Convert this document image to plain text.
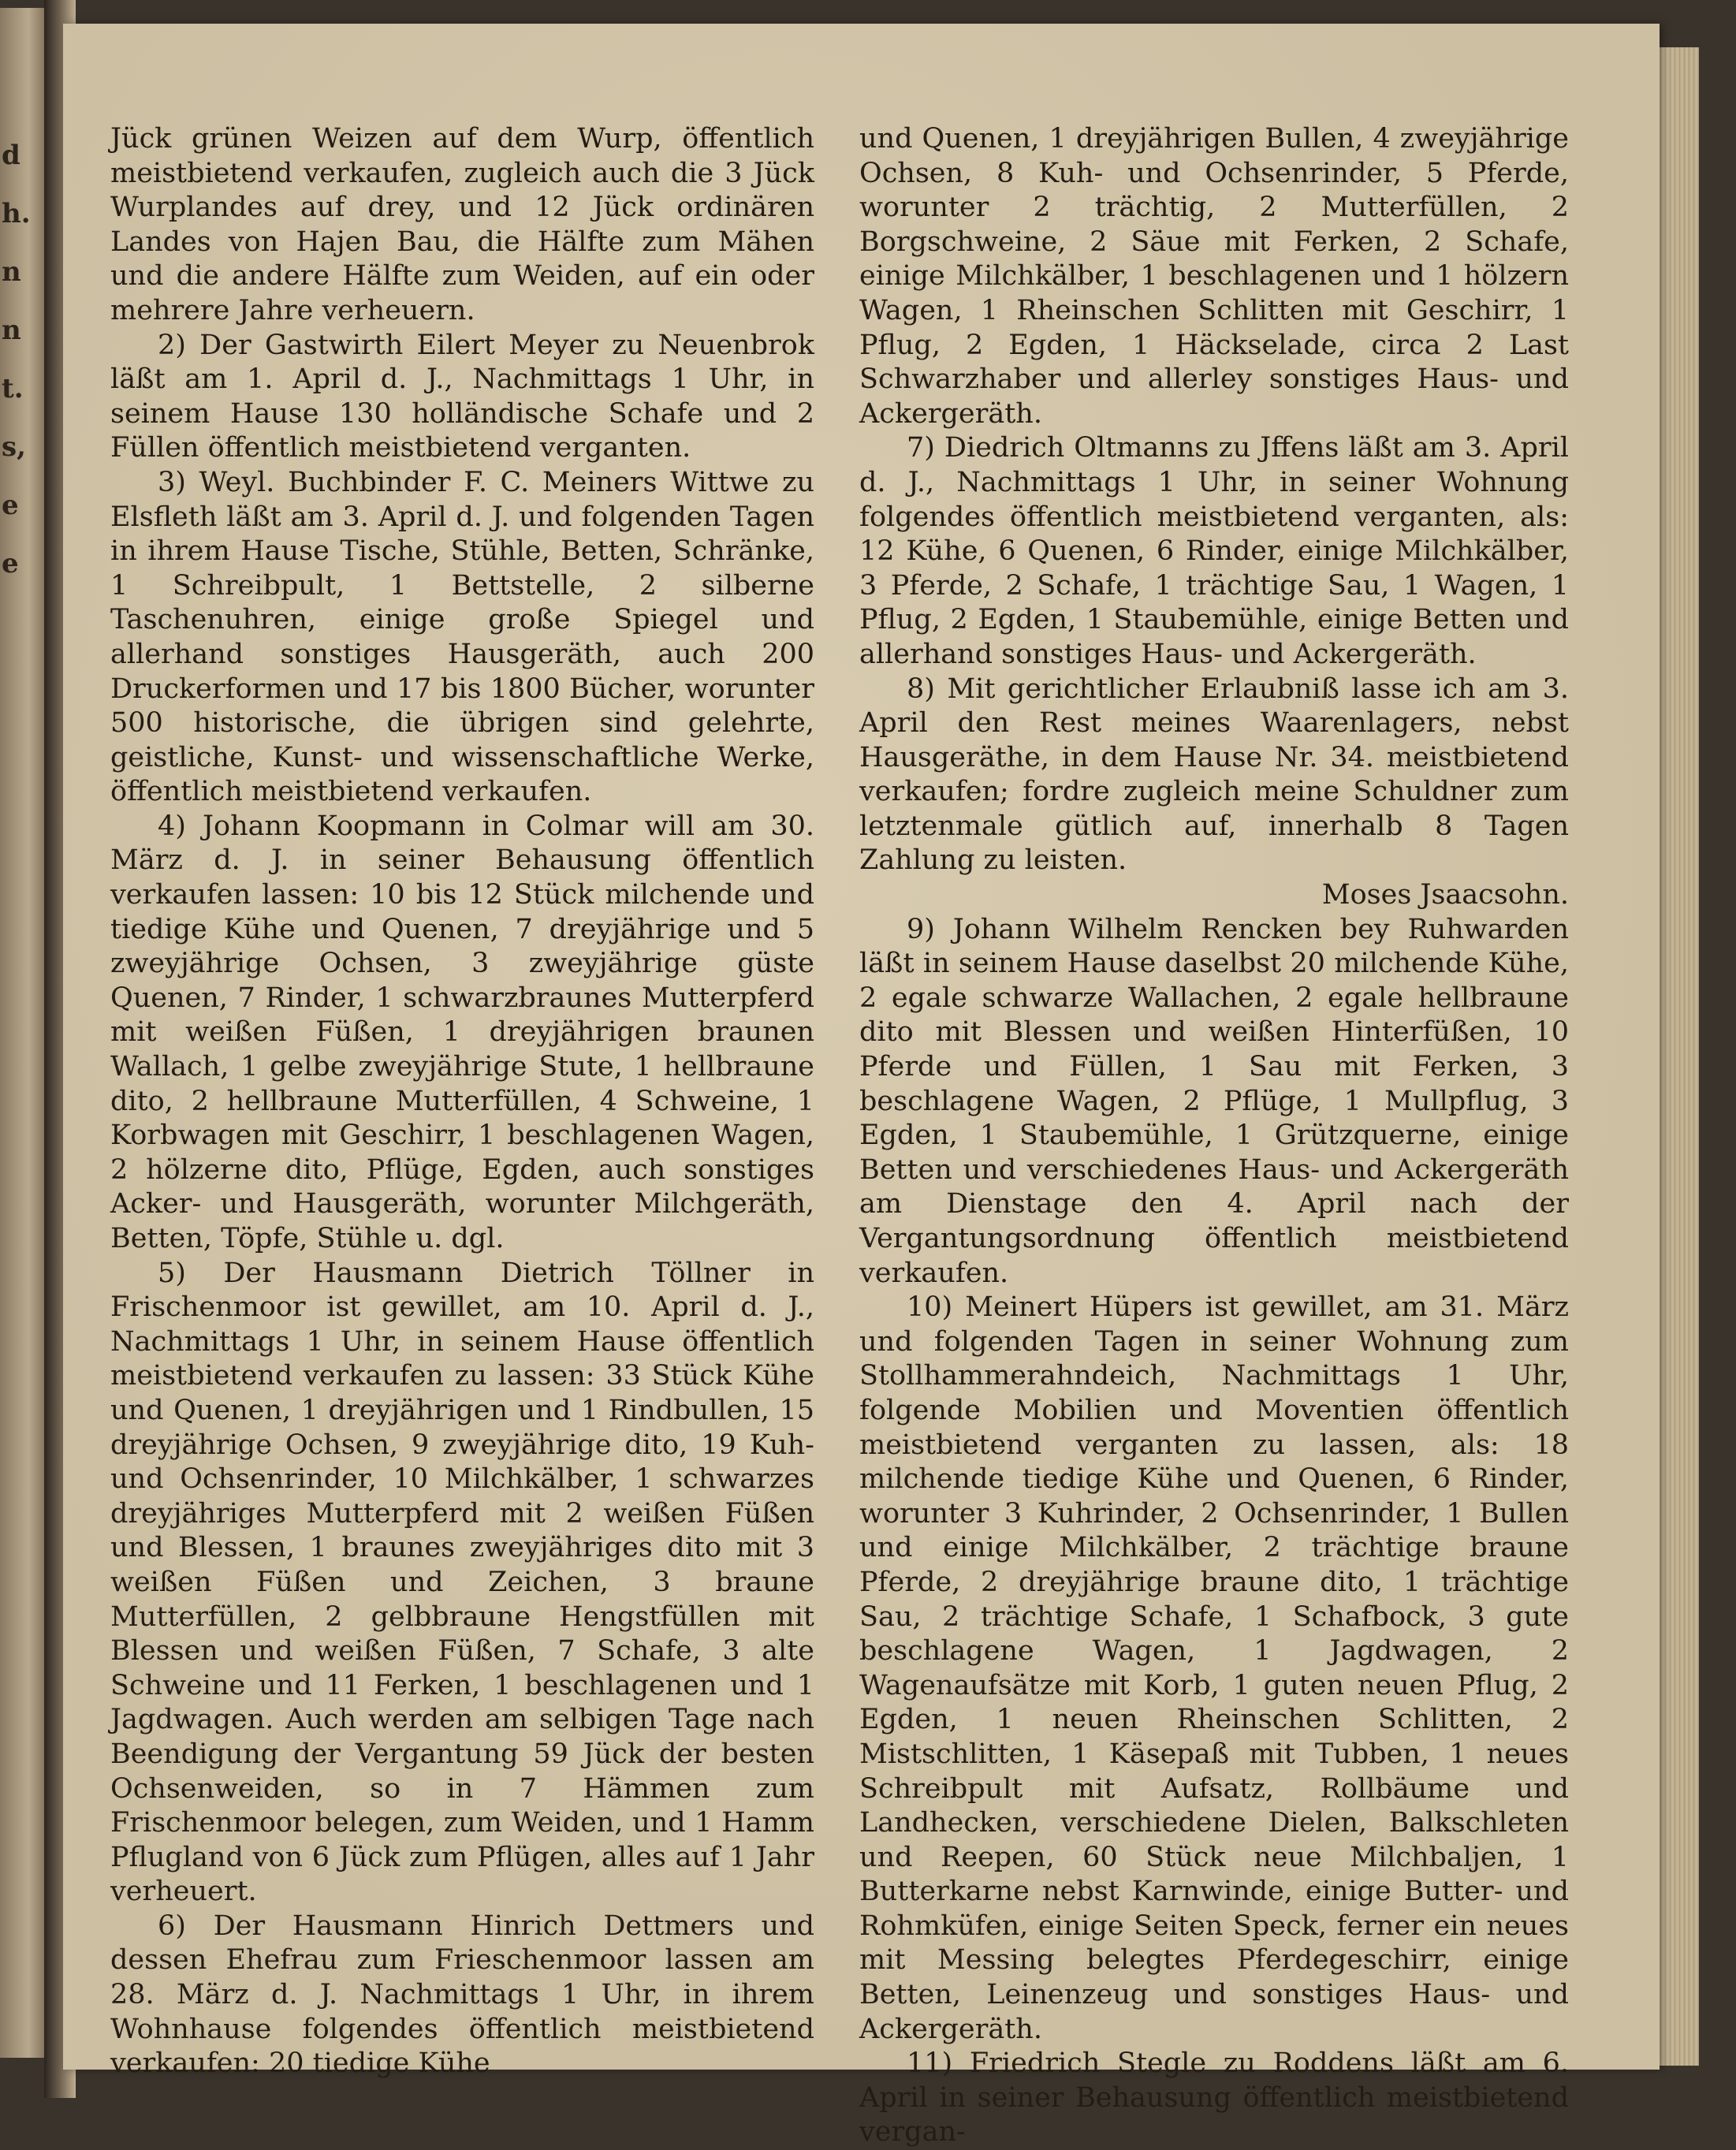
d
h.
n
n
t.
s,
e
e

Jück grünen Weizen auf dem Wurp, öffentlich meistbietend verkaufen, zugleich auch die 3 Jück Wurplandes auf drey, und 12 Jück ordinären Landes von Hajen Bau, die Hälfte zum Mähen und die andere Hälfte zum Weiden, auf ein oder mehrere Jahre verheuern.

2) Der Gastwirth Eilert Meyer zu Neuenbrok läßt am 1. April d. J., Nachmittags 1 Uhr, in seinem Hause 130 holländische Schafe und 2 Füllen öffentlich meistbietend verganten.

3) Weyl. Buchbinder F. C. Meiners Wittwe zu Elsfleth läßt am 3. April d. J. und folgenden Tagen in ihrem Hause Tische, Stühle, Betten, Schränke, 1 Schreibpult, 1 Bettstelle, 2 silberne Taschenuhren, einige große Spiegel und allerhand sonstiges Hausgeräth, auch 200 Druckerformen und 17 bis 1800 Bücher, worunter 500 historische, die übrigen sind gelehrte, geistliche, Kunst- und wissenschaftliche Werke, öffentlich meistbietend verkaufen.

4) Johann Koopmann in Colmar will am 30. März d. J. in seiner Behausung öffentlich verkaufen lassen: 10 bis 12 Stück milchende und tiedige Kühe und Quenen, 7 dreyjährige und 5 zweyjährige Ochsen, 3 zweyjährige güste Quenen, 7 Rinder, 1 schwarzbraunes Mutterpferd mit weißen Füßen, 1 dreyjährigen braunen Wallach, 1 gelbe zweyjährige Stute, 1 hellbraune dito, 2 hellbraune Mutterfüllen, 4 Schweine, 1 Korbwagen mit Geschirr, 1 beschlagenen Wagen, 2 hölzerne dito, Pflüge, Egden, auch sonstiges Acker- und Hausgeräth, worunter Milchgeräth, Betten, Töpfe, Stühle u. dgl.

5) Der Hausmann Dietrich Töllner in Frischenmoor ist gewillet, am 10. April d. J., Nachmittags 1 Uhr, in seinem Hause öffentlich meistbietend verkaufen zu lassen: 33 Stück Kühe und Quenen, 1 dreyjährigen und 1 Rindbullen, 15 dreyjährige Ochsen, 9 zweyjährige dito, 19 Kuh- und Ochsenrinder, 10 Milchkälber, 1 schwarzes dreyjähriges Mutterpferd mit 2 weißen Füßen und Blessen, 1 braunes zweyjähriges dito mit 3 weißen Füßen und Zeichen, 3 braune Mutterfüllen, 2 gelbbraune Hengstfüllen mit Blessen und weißen Füßen, 7 Schafe, 3 alte Schweine und 11 Ferken, 1 beschlagenen und 1 Jagdwagen. Auch werden am selbigen Tage nach Beendigung der Vergantung 59 Jück der besten Ochsenweiden, so in 7 Hämmen zum Frischenmoor belegen, zum Weiden, und 1 Hamm Pflugland von 6 Jück zum Pflügen, alles auf 1 Jahr verheuert.

6) Der Hausmann Hinrich Dettmers und dessen Ehefrau zum Frieschenmoor lassen am 28. März d. J. Nachmittags 1 Uhr, in ihrem Wohnhause folgendes öffentlich meistbietend verkaufen: 20 tiedige Kühe

und Quenen, 1 dreyjährigen Bullen, 4 zweyjährige Ochsen, 8 Kuh- und Ochsenrinder, 5 Pferde, worunter 2 trächtig, 2 Mutterfüllen, 2 Borgschweine, 2 Säue mit Ferken, 2 Schafe, einige Milchkälber, 1 beschlagenen und 1 hölzern Wagen, 1 Rheinschen Schlitten mit Geschirr, 1 Pflug, 2 Egden, 1 Häckselade, circa 2 Last Schwarzhaber und allerley sonstiges Haus- und Ackergeräth.

7) Diedrich Oltmanns zu Jffens läßt am 3. April d. J., Nachmittags 1 Uhr, in seiner Wohnung folgendes öffentlich meistbietend verganten, als: 12 Kühe, 6 Quenen, 6 Rinder, einige Milchkälber, 3 Pferde, 2 Schafe, 1 trächtige Sau, 1 Wagen, 1 Pflug, 2 Egden, 1 Staubemühle, einige Betten und allerhand sonstiges Haus- und Ackergeräth.

8) Mit gerichtlicher Erlaubniß lasse ich am 3. April den Rest meines Waarenlagers, nebst Hausgeräthe, in dem Hause Nr. 34. meistbietend verkaufen; fordre zugleich meine Schuldner zum letztenmale gütlich auf, innerhalb 8 Tagen Zahlung zu leisten.

Moses Jsaacsohn.

9) Johann Wilhelm Rencken bey Ruhwarden läßt in seinem Hause daselbst 20 milchende Kühe, 2 egale schwarze Wallachen, 2 egale hellbraune dito mit Blessen und weißen Hinterfüßen, 10 Pferde und Füllen, 1 Sau mit Ferken, 3 beschlagene Wagen, 2 Pflüge, 1 Mullpflug, 3 Egden, 1 Staubemühle, 1 Grützquerne, einige Betten und verschiedenes Haus- und Ackergeräth am Dienstage den 4. April nach der Vergantungsordnung öffentlich meistbietend verkaufen.

10) Meinert Hüpers ist gewillet, am 31. März und folgenden Tagen in seiner Wohnung zum Stollhammerahndeich, Nachmittags 1 Uhr, folgende Mobilien und Moventien öffentlich meistbietend verganten zu lassen, als: 18 milchende tiedige Kühe und Quenen, 6 Rinder, worunter 3 Kuhrinder, 2 Ochsenrinder, 1 Bullen und einige Milchkälber, 2 trächtige braune Pferde, 2 dreyjährige braune dito, 1 trächtige Sau, 2 trächtige Schafe, 1 Schafbock, 3 gute beschlagene Wagen, 1 Jagdwagen, 2 Wagenaufsätze mit Korb, 1 guten neuen Pflug, 2 Egden, 1 neuen Rheinschen Schlitten, 2 Mistschlitten, 1 Käsepaß mit Tubben, 1 neues Schreibpult mit Aufsatz, Rollbäume und Landhecken, verschiedene Dielen, Balkschleten und Reepen, 60 Stück neue Milchbaljen, 1 Butterkarne nebst Karnwinde, einige Butter- und Rohmküfen, einige Seiten Speck, ferner ein neues mit Messing belegtes Pferdegeschirr, einige Betten, Leinenzeug und sonstiges Haus- und Ackergeräth.

11) Friedrich Stegle zu Roddens läßt am 6. April in seiner Behausung öffentlich meistbietend vergan-
